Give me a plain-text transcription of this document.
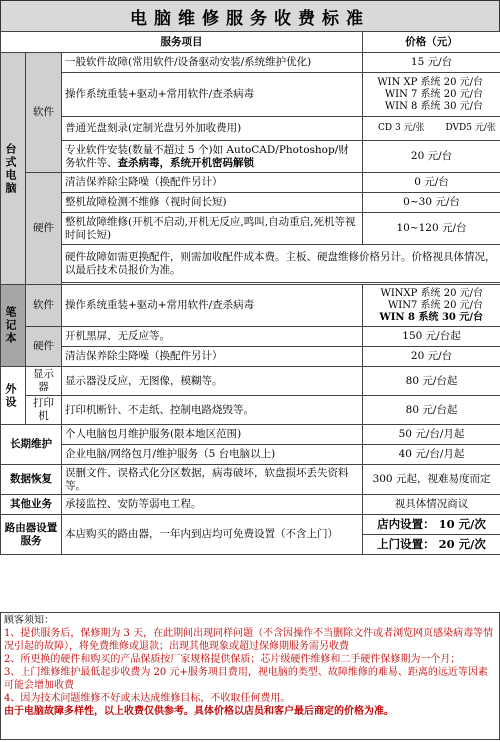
电脑维修服务收费标准
服务项目			价格（元）

台式电脑	软件	一般软件故障(常用软件/设备驱动安装/系统维护优化)	15 元/台
		操作系统重装+驱动+常用软件/查杀病毒	WIN XP 系统 20 元/台
WIN 7 系统 20 元/台
WIN 8 系统 30 元/台

		普通光盘刻录(定制光盘另外加收费用)	CD 3 元/张 DVD5 元/张
		专业软件安装(数量不超过 5 个)如 AutoCAD/Photoshop/财务软件等、查杀病毒，系统开机密码解锁	20 元/台
	硬件	清洁保养除尘降噪（换配件另计）	0 元/台
		整机故障检测不维修（视时间长短)	0~30 元/台
		整机故障维修(开机不启动,开机无反应,鸣叫,自动重启,死机等视时间长短)	10~120 元/台
		硬件故障如需更换配件，则需加收配件成本费。主板、硬盘维修价格另计。价格视具体情况，以最后技术员报价为准。	

笔记本	软件	操作系统重装+驱动+常用软件/查杀病毒	WINXP 系统 20 元/台
WIN7 系统 20 元/台
WIN 8 系统 30 元/台

	硬件	开机黑屏、无反应等。	150 元/台起
		清洁保养除尘降噪（换配件另计）	20 元/台

外设	显示器	显示器没反应，无图像，模糊等。	80 元/台起
	打印机	打印机断针、不走纸、控制电路烧毁等。	80 元/台起
长期维护		个人电脑包月维护服务(限本地区范围)	50 元/台/月起
		企业电脑/网络包月/维护服务（5 台电脑以上)	40 元/台/月起
数据恢复		误删文件、误格式化分区数据，病毒破坏，软盘损坏丢失资料等。	300 元起，视难易度而定
其他业务		承接监控、安防等弱电工程。	视具体情况商议
路由器设置服务		本店购买的路由器，一年内到店均可免费设置（不含上门）	店内设置： 10 元/次
			上门设置： 20 元/次
顾客须知：
1、提供服务后，保修期为 3 天，在此期间出现同样问题（不含因操作不当删除文件或者浏览网页感染病毒等情况引起的故障），将免费维修或退款；出现其他现象或超过保修期服务需另收费
2、所更换的硬件和购买的产品保质按厂家规格提供保质；芯片级硬件维修和二手硬件保修期为一个月；
3、上门维修维护最低起步收费为 20 元+服务项目费用，视电脑的类型、故障维修的难易、距离的远近等因素可能会增加收费
4、因为技术问题维修不好或未达成维修目标，不收取任何费用。
由于电脑故障多样性，以上收费仅供参考。具体价格以店员和客户最后商定的价格为准。
